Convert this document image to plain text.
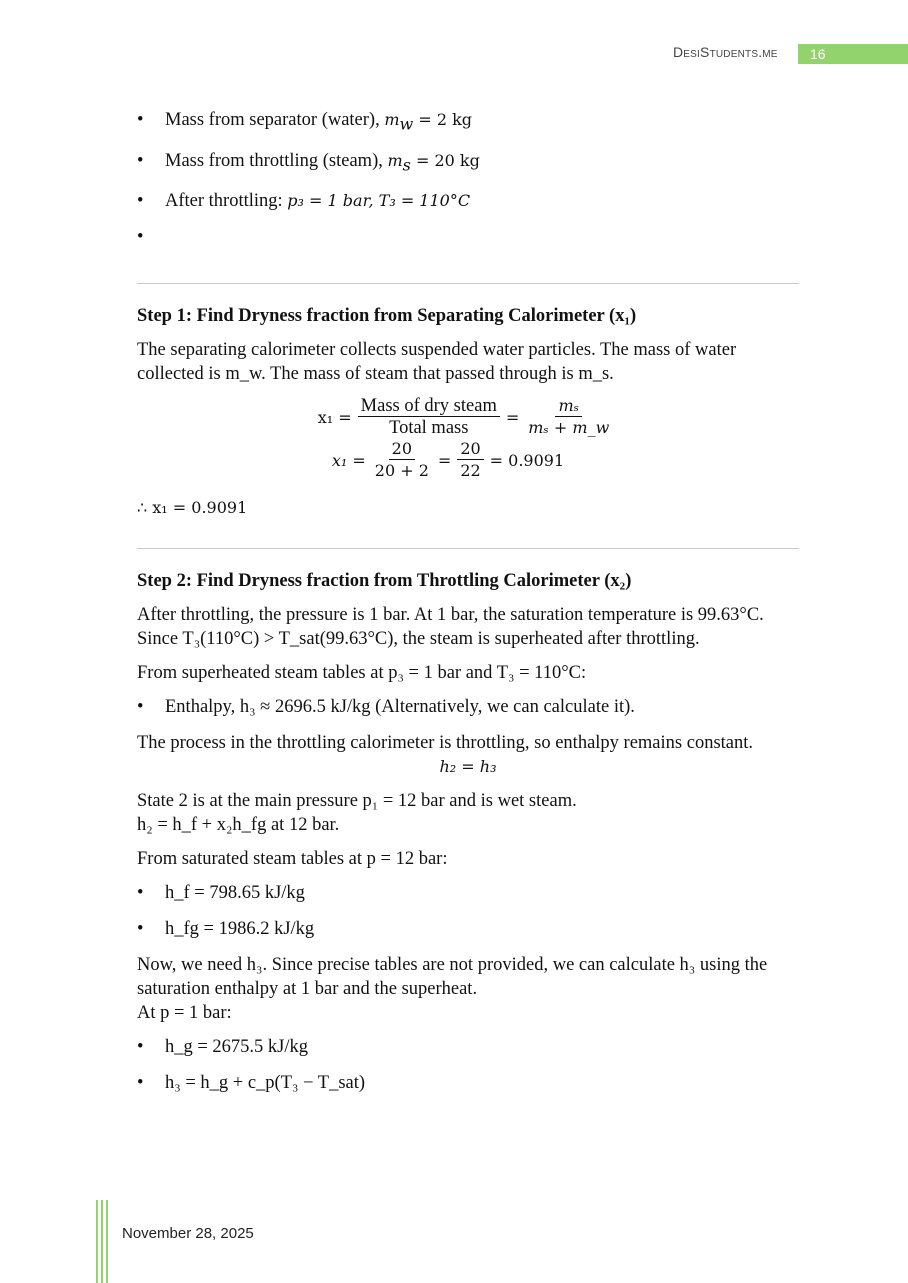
DesiStudents.me	16
• Mass from separator (water), $m_w = 2$ kg
• Mass from throttling (steam), $m_s = 20$ kg
• After throttling: p₃ = 1 bar, T₃ = 110°C
•
Step 1: Find Dryness fraction from Separating Calorimeter (x₁)

The separating calorimeter collects suspended water particles. The mass of water collected is m_w. The mass of steam that passed through is m_s.

$x_1 = \frac{\text{Mass of dry steam}}{\text{Total mass}} = \frac{\text{mₛ}}{\text{mₛ + m\_w}}$
$x_1 = \frac{20}{20 + 2} = \frac{20}{22} = 0.9091$

∴ x₁ = 0.9091

Step 2: Find Dryness fraction from Throttling Calorimeter (x₂)

After throttling, the pressure is 1 bar. At 1 bar, the saturation temperature is 99.63°C.

Since T₃(110°C) > T_sat(99.63°C), the steam is superheated after throttling.

From superheated steam tables at p₃ = 1 bar and T₃ = 110°C:

• Enthalpy, h₃ ≈ 2696.5 kJ/kg (Alternatively, we can calculate it).

The process in the throttling calorimeter is throttling, so enthalpy remains constant.

h₂ = h₃

State 2 is at the main pressure p₁ = 12 bar and is wet steam.

h₂ = h_f + x₂h_fg at 12 bar.

From saturated steam tables at p = 12 bar:

• h_f = 798.65 kJ/kg
• h_fg = 1986.2 kJ/kg

Now, we need h₃. Since precise tables are not provided, we can calculate h₃ using the saturation enthalpy at 1 bar and the superheat.

At p = 1 bar:

• h_g = 2675.5 kJ/kg
• h₃ = h_g + c_p(T₃ − T_sat)
November 28, 2025
